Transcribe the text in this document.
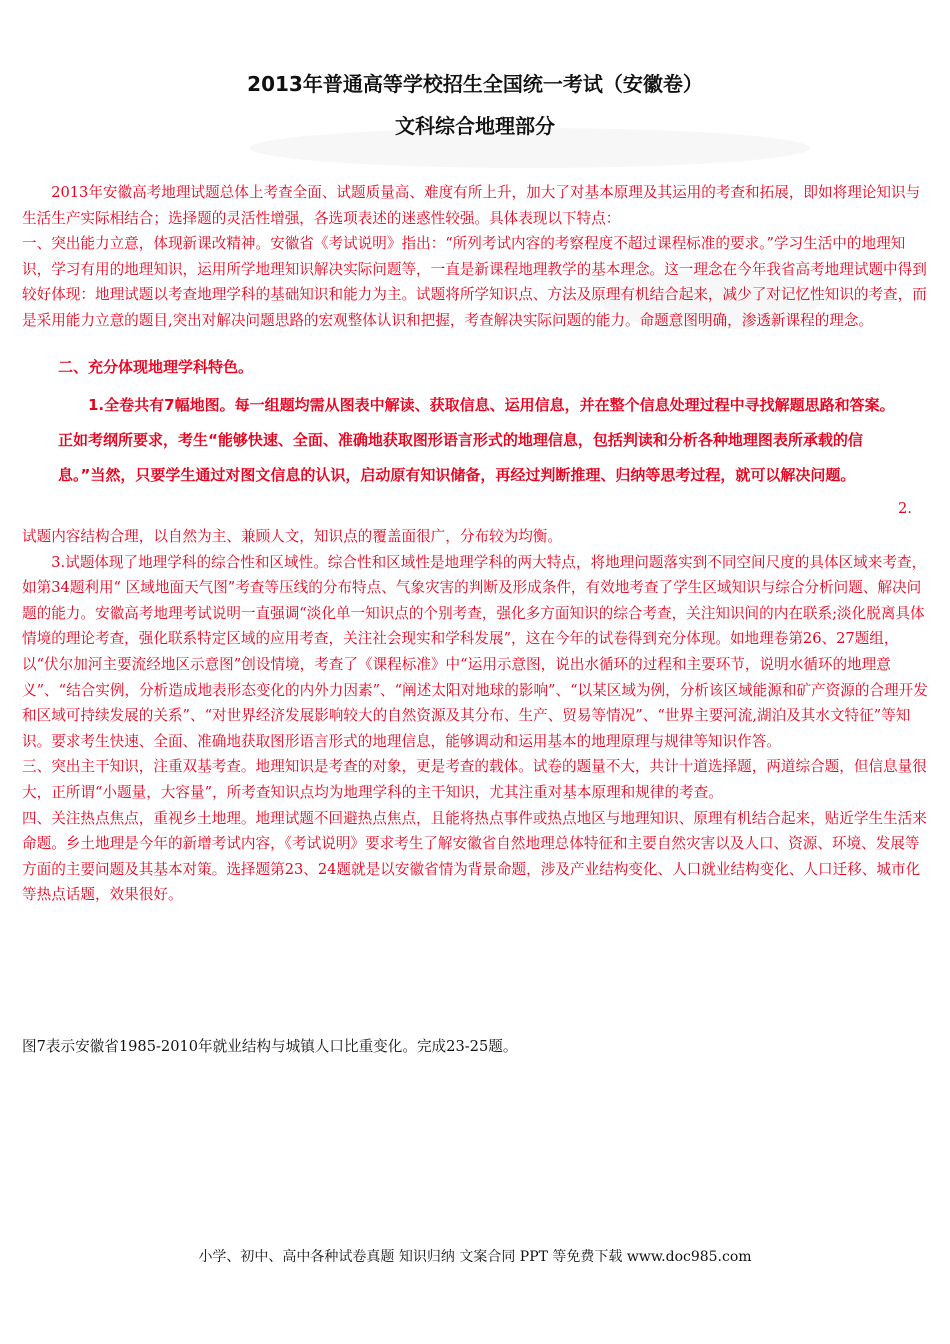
2013年普通高等学校招生全国统一考试（安徽卷）
文科综合地理部分

2013年安徽高考地理试题总体上考查全面、试题质量高、难度有所上升，加大了对基本原理及其运用的考查和拓展，即如将理论知识与生活生产实际相结合；选择题的灵活性增强，各选项表述的迷惑性较强。具体表现以下特点：

一、突出能力立意，体现新课改精神。安徽省《考试说明》指出：“所列考试内容的考察程度不超过课程标准的要求。”学习生活中的地理知识，学习有用的地理知识，运用所学地理知识解决实际问题等，一直是新课程地理教学的基本理念。这一理念在今年我省高考地理试题中得到较好体现：地理试题以考查地理学科的基础知识和能力为主。试题将所学知识点、方法及原理有机结合起来，减少了对记忆性知识的考查，而是采用能力立意的题目,突出对解决问题思路的宏观整体认识和把握，考查解决实际问题的能力。命题意图明确，渗透新课程的理念。

二、充分体现地理学科特色。
1.全卷共有7幅地图。每一组题均需从图表中解读、获取信息、运用信息，并在整个信息处理过程中寻找解题思路和答案。正如考纲所要求，考生“能够快速、全面、准确地获取图形语言形式的地理信息，包括判读和分析各种地理图表所承载的信息。”当然，只要学生通过对图文信息的认识，启动原有知识储备，再经过判断推理、归纳等思考过程，就可以解决问题。
2.

试题内容结构合理，以自然为主、兼顾人文，知识点的覆盖面很广，分布较为均衡。

3.试题体现了地理学科的综合性和区域性。综合性和区域性是地理学科的两大特点，将地理问题落实到不同空间尺度的具体区域来考查，如第34题利用“ 区域地面天气图”考查等压线的分布特点、气象灾害的判断及形成条件，有效地考查了学生区域知识与综合分析问题、解决问题的能力。安徽高考地理考试说明一直强调“淡化单一知识点的个别考查，强化多方面知识的综合考查，关注知识间的内在联系;淡化脱离具体情境的理论考查，强化联系特定区域的应用考查，关注社会现实和学科发展”，这在今年的试卷得到充分体现。如地理卷第26、27题组，以“伏尔加河主要流经地区示意图”创设情境，考查了《课程标准》中“运用示意图，说出水循环的过程和主要环节，说明水循环的地理意义”、“结合实例，分析造成地表形态变化的内外力因素”、“阐述太阳对地球的影响”、“以某区域为例，分析该区域能源和矿产资源的合理开发和区域可持续发展的关系”、“对世界经济发展影响较大的自然资源及其分布、生产、贸易等情况”、“世界主要河流,湖泊及其水文特征”等知识。要求考生快速、全面、准确地获取图形语言形式的地理信息，能够调动和运用基本的地理原理与规律等知识作答。

三、突出主干知识，注重双基考查。地理知识是考查的对象，更是考查的载体。试卷的题量不大，共计十道选择题，两道综合题，但信息量很大，正所谓“小题量，大容量”，所考查知识点均为地理学科的主干知识，尤其注重对基本原理和规律的考查。

四、关注热点焦点，重视乡土地理。地理试题不回避热点焦点，且能将热点事件或热点地区与地理知识、原理有机结合起来，贴近学生生活来命题。乡土地理是今年的新增考试内容，《考试说明》要求考生了解安徽省自然地理总体特征和主要自然灾害以及人口、资源、环境、发展等方面的主要问题及其基本对策。选择题第23、24题就是以安徽省情为背景命题，涉及产业结构变化、人口就业结构变化、人口迁移、城市化等热点话题，效果很好。

图7表示安徽省1985-2010年就业结构与城镇人口比重变化。完成23-25题。
小学、初中、高中各种试卷真题 知识归纳 文案合同 PPT 等免费下载 www.doc985.com
